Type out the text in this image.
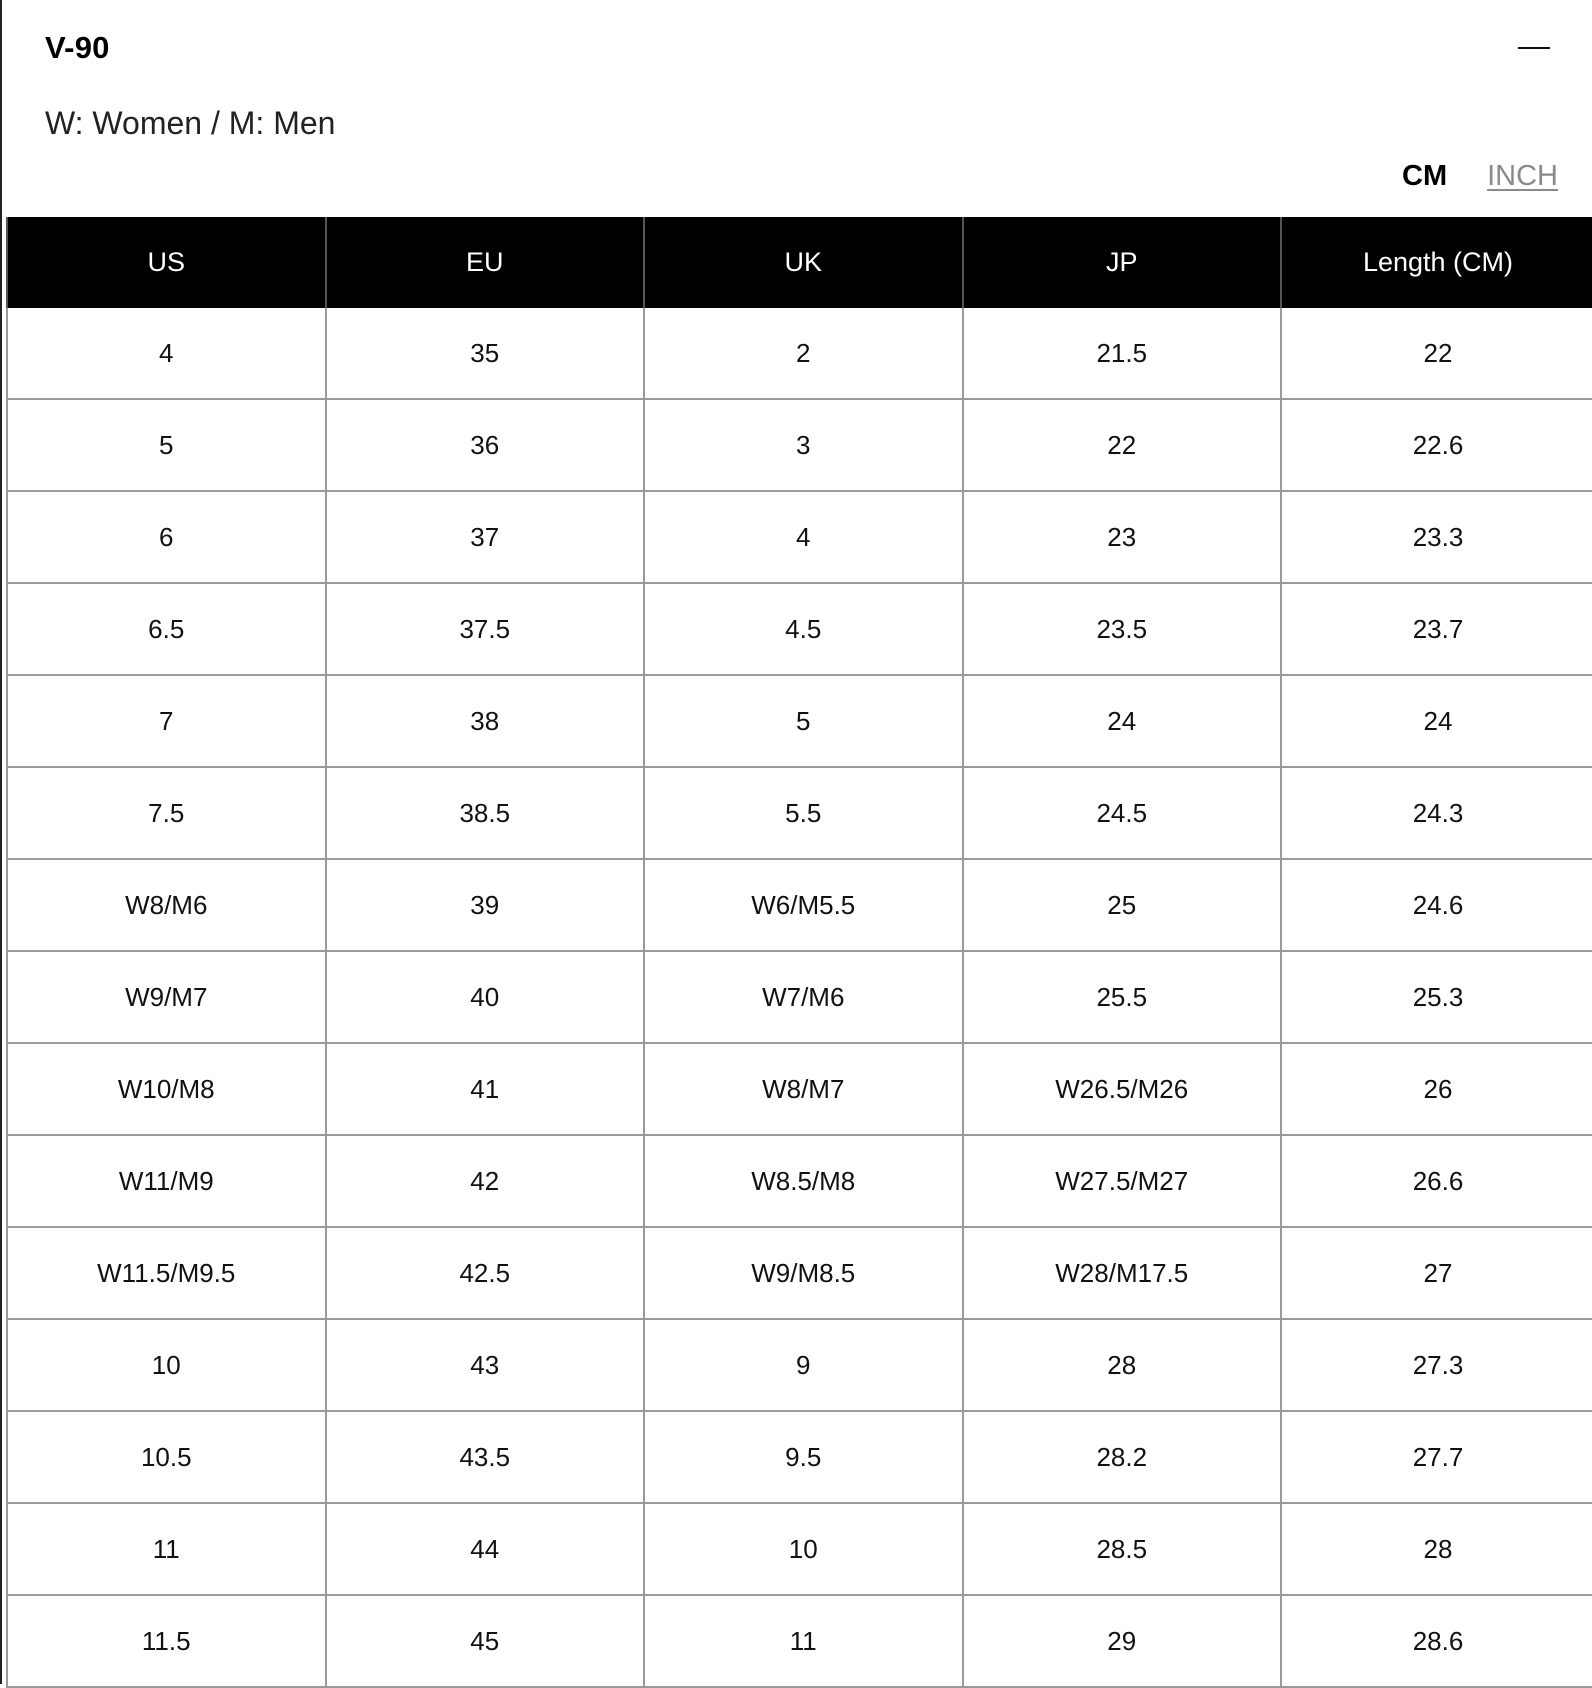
V-90
W: Women / M: Men
CM INCH
US	EU	UK	JP	Length (CM)
4	35	2	21.5	22
5	36	3	22	22.6
6	37	4	23	23.3
6.5	37.5	4.5	23.5	23.7
7	38	5	24	24
7.5	38.5	5.5	24.5	24.3
W8/M6	39	W6/M5.5	25	24.6
W9/M7	40	W7/M6	25.5	25.3
W10/M8	41	W8/M7	W26.5/M26	26
W11/M9	42	W8.5/M8	W27.5/M27	26.6
W11.5/M9.5	42.5	W9/M8.5	W28/M17.5	27
10	43	9	28	27.3
10.5	43.5	9.5	28.2	27.7
11	44	10	28.5	28
11.5	45	11	29	28.6
